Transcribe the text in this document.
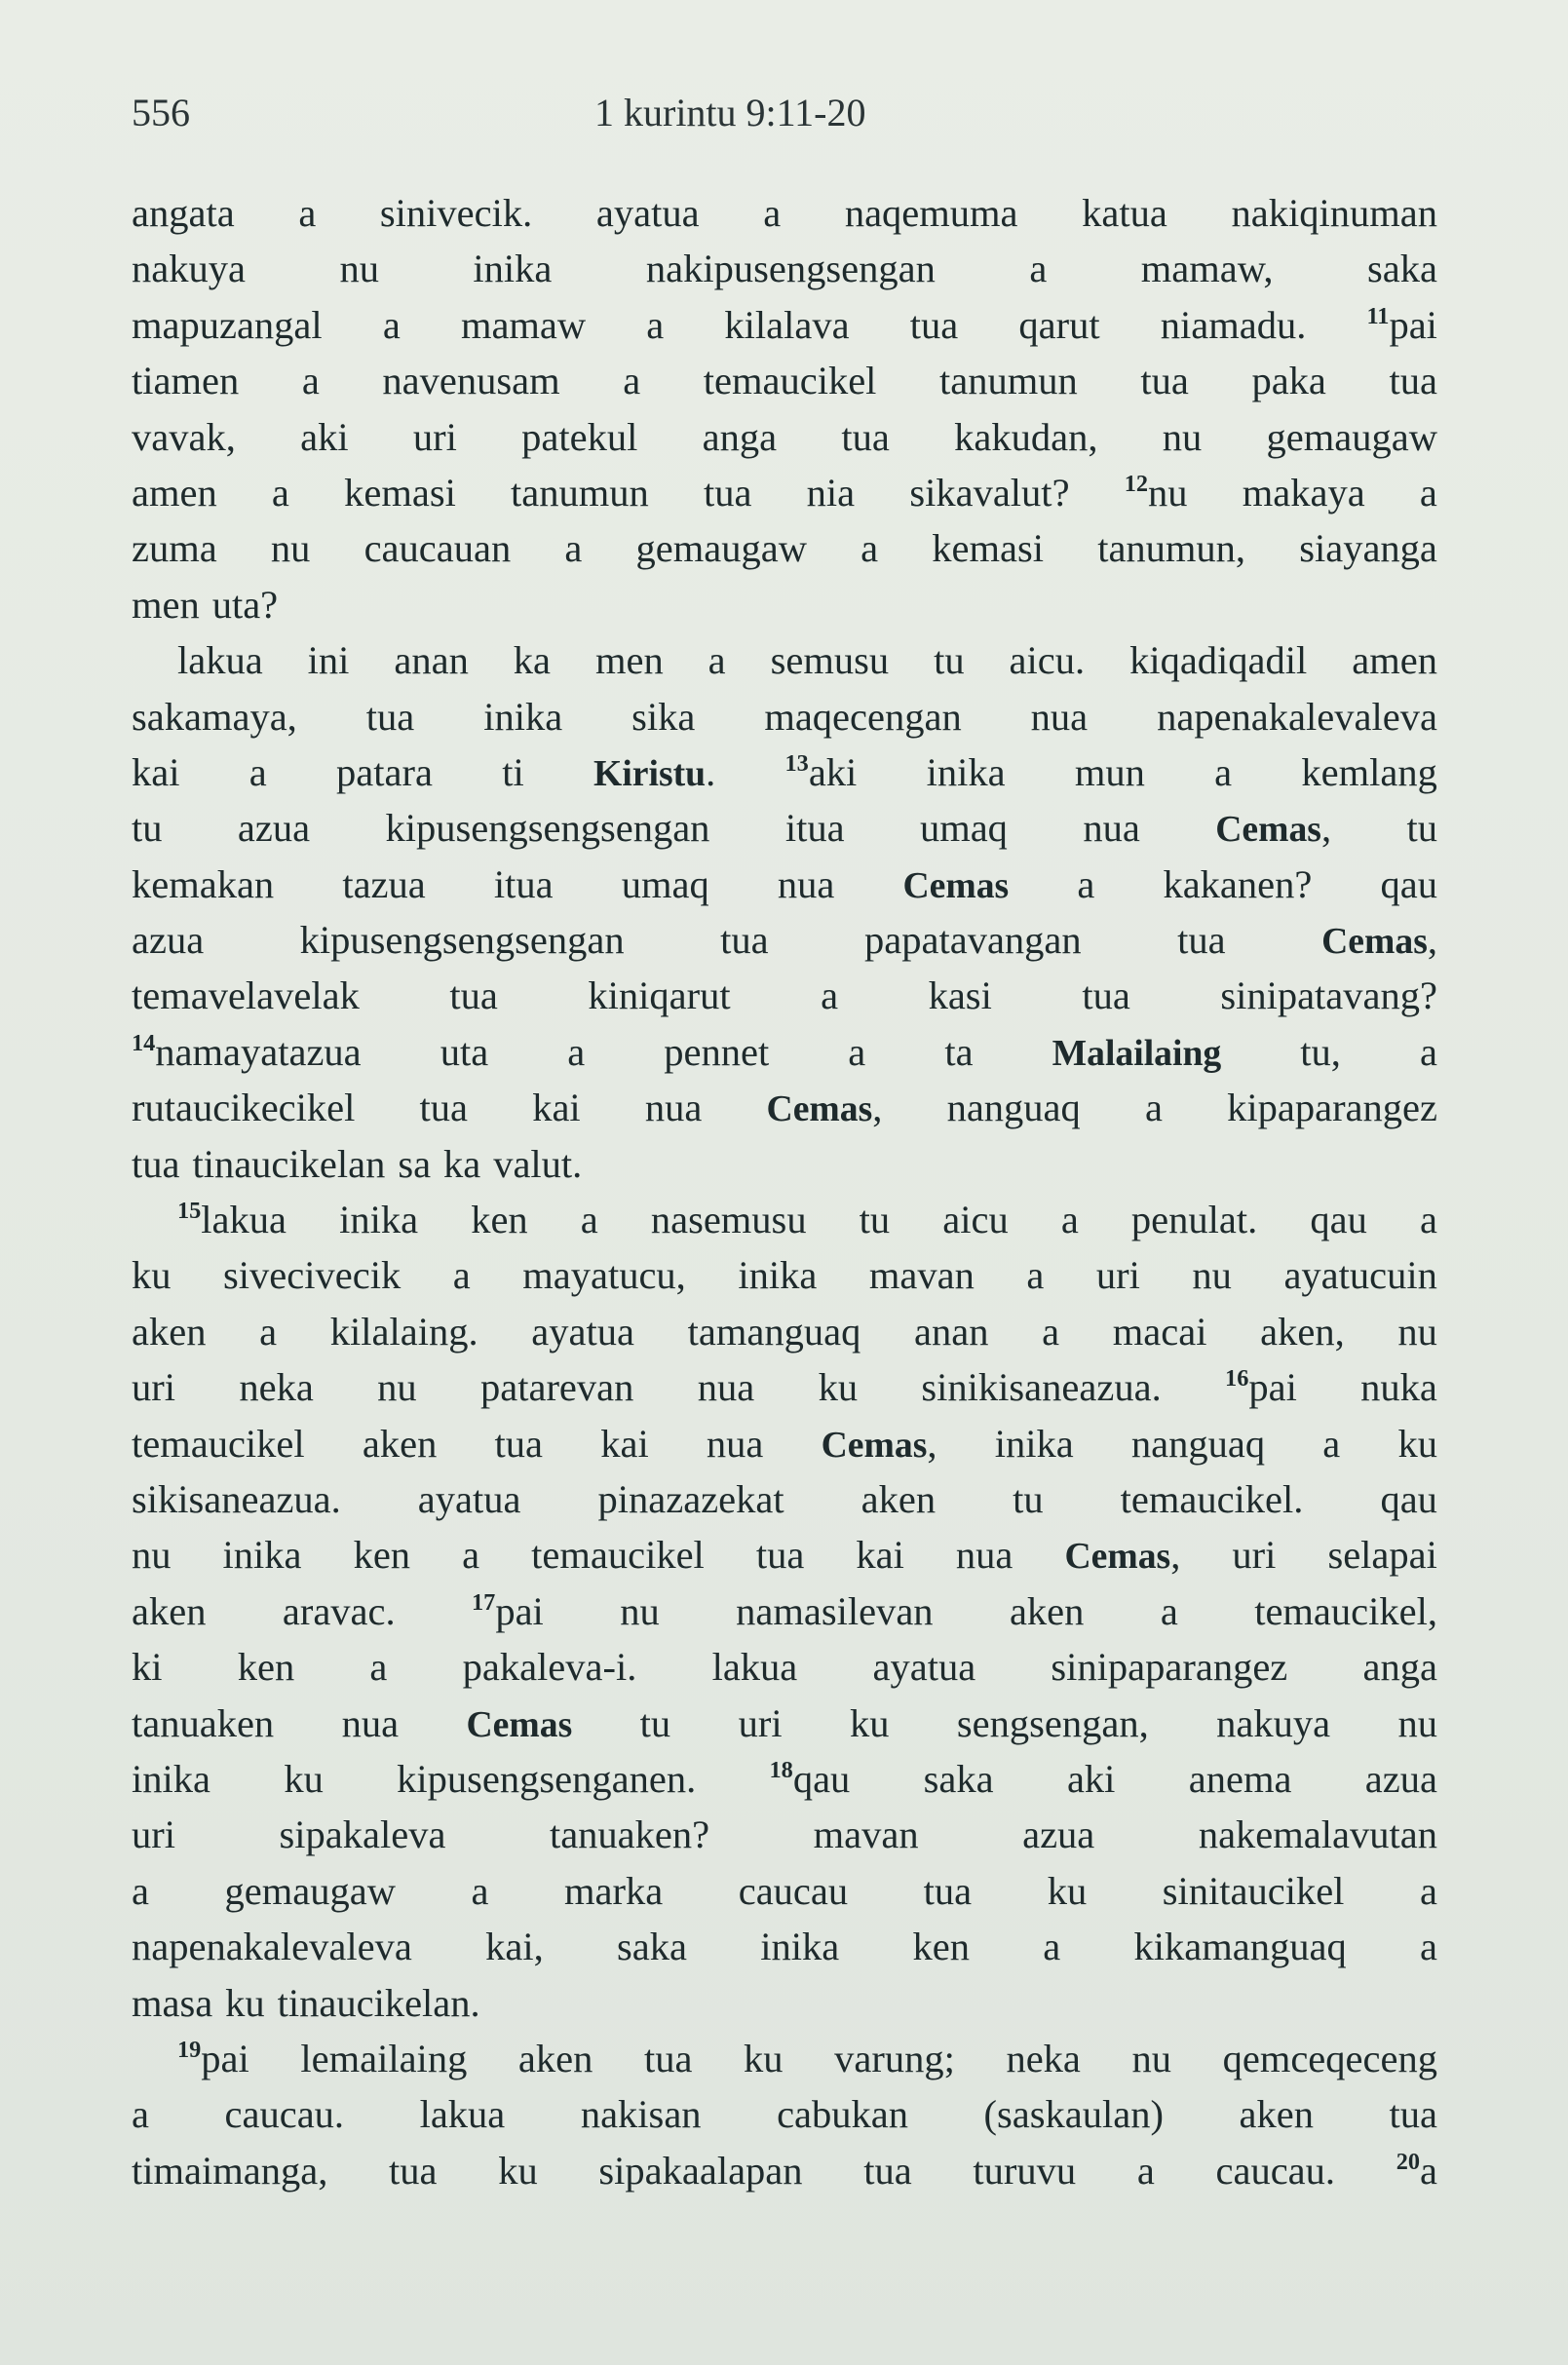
556	1 kurintu 9:11-20
angata a sinivecik. ayatua a naqemuma katua nakiqinuman
nakuya nu inika nakipusengsengan a mamaw, saka
mapuzangal a mamaw a kilalava tua qarut niamadu.	$^{11}$pai
tiamen a navenusam a temaucikel tanumun tua paka tua
vavak, aki uri patekul anga tua kakudan, nu gemaugaw
amen a kemasi tanumun tua nia sikavalut? $^{12}$nu makaya a
zuma nu caucauan a gemaugaw a kemasi tanumun, siayanga
men uta?
lakua ini anan ka men a semusu tu aicu. kiqadiqadil amen
sakamaya, tua inika sika maqecengan nua napenakalevaleva
kai a patara ti Kiristu.	$^{13}$aki inika mun a kemlang
tu azua kipusengsengsengan itua umaq nua Cemas, tu
kemakan tazua itua umaq nua Cemas a kakanen? qau
azua kipusengsengsengan tua papatavangan tua	Cemas,
temavelavelak tua kiniqarut a kasi tua sinipatavang?
$^{14}$namayatazua uta a pennet a ta Malailaing tu, a
rutaucikecikel tua kai nua Cemas, nanguaq a kipaparangez
tua tinaucikelan sa ka valut.
$^{15}$lakua inika ken a nasemusu tu aicu a penulat. qau a
ku sivecivecik a mayatucu, inika mavan a uri nu ayatucuin
aken a kilalaing. ayatua tamanguaq anan a macai aken, nu
uri neka nu patarevan nua ku sinikisaneazua.	$^{16}$pai nuka
temaucikel aken tua kai nua Cemas, inika nanguaq a ku
sikisaneazua. ayatua pinazazekat aken tu temaucikel. qau
nu inika ken a temaucikel tua kai nua Cemas, uri selapai
aken aravac.	$^{17}$pai nu namasilevan aken a temaucikel,
ki ken a pakaleva-i. lakua ayatua sinipaparangez anga
tanuaken nua Cemas tu uri ku sengsengan, nakuya nu
inika ku kipusengsenganen.	$^{18}$qau saka aki anema azua
uri	sipakaleva	tanuaken?	mavan	azua	nakemalavutan
a gemaugaw a marka caucau tua ku sinitaucikel a
napenakalevaleva kai, saka inika ken a kikamanguaq a
masa ku tinaucikelan.
$^{19}$pai lemailaing aken tua ku varung; neka nu qemceqeceng
a caucau. lakua nakisan cabukan (saskaulan) aken tua
timaimanga, tua ku sipakaalapan tua turuvu a caucau.	$^{20}$a
